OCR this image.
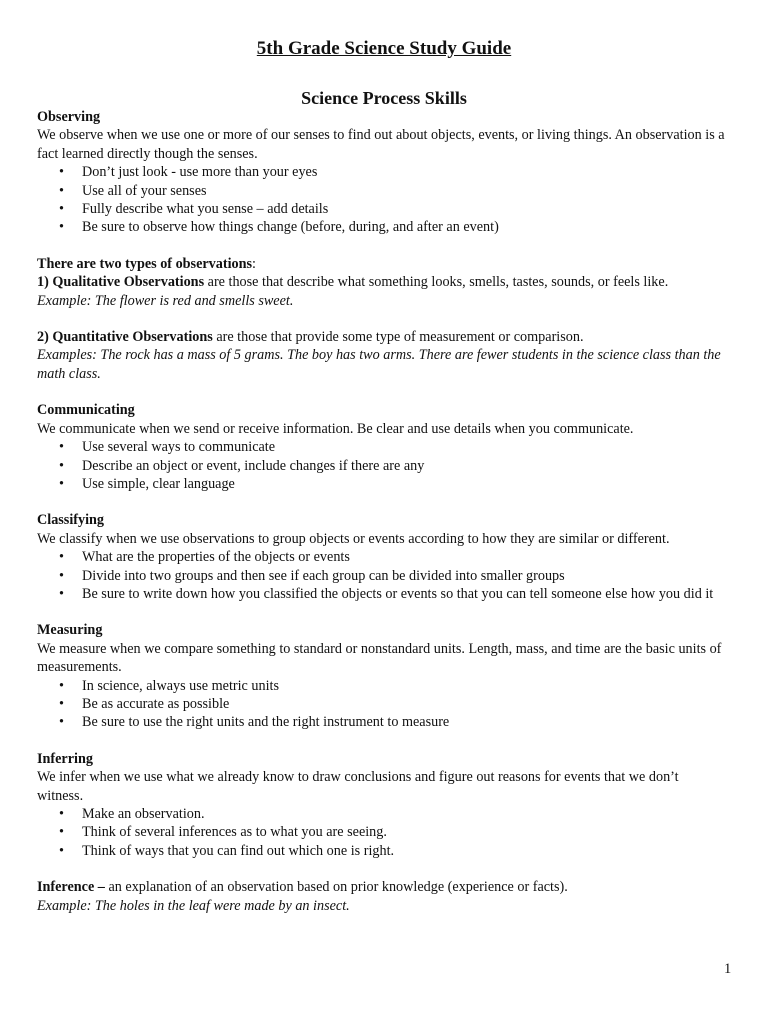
5th Grade Science Study Guide
Science Process Skills
Observing

We observe when we use one or more of our senses to find out about objects, events, or living things. An observation is a fact learned directly though the senses.

• Don’t just look - use more than your eyes
• Use all of your senses
• Fully describe what you sense – add details
• Be sure to observe how things change (before, during, and after an event)

There are two types of observations:

1) Qualitative Observations are those that describe what something looks, smells, tastes, sounds, or feels like.

Example: The flower is red and smells sweet.

2) Quantitative Observations are those that provide some type of measurement or comparison.

Examples: The rock has a mass of 5 grams. The boy has two arms. There are fewer students in the science class than the math class.

Communicating

We communicate when we send or receive information. Be clear and use details when you communicate.

• Use several ways to communicate
• Describe an object or event, include changes if there are any
• Use simple, clear language
Classifying

We classify when we use observations to group objects or events according to how they are similar or different.

• What are the properties of the objects or events
• Divide into two groups and then see if each group can be divided into smaller groups
• Be sure to write down how you classified the objects or events so that you can tell someone else how you did it
Measuring

We measure when we compare something to standard or nonstandard units. Length, mass, and time are the basic units of measurements.

• In science, always use metric units
• Be as accurate as possible
• Be sure to use the right units and the right instrument to measure
Inferring

We infer when we use what we already know to draw conclusions and figure out reasons for events that we don’t witness.

• Make an observation.
• Think of several inferences as to what you are seeing.
• Think of ways that you can find out which one is right.

Inference – an explanation of an observation based on prior knowledge (experience or facts).

Example: The holes in the leaf were made by an insect.

1
